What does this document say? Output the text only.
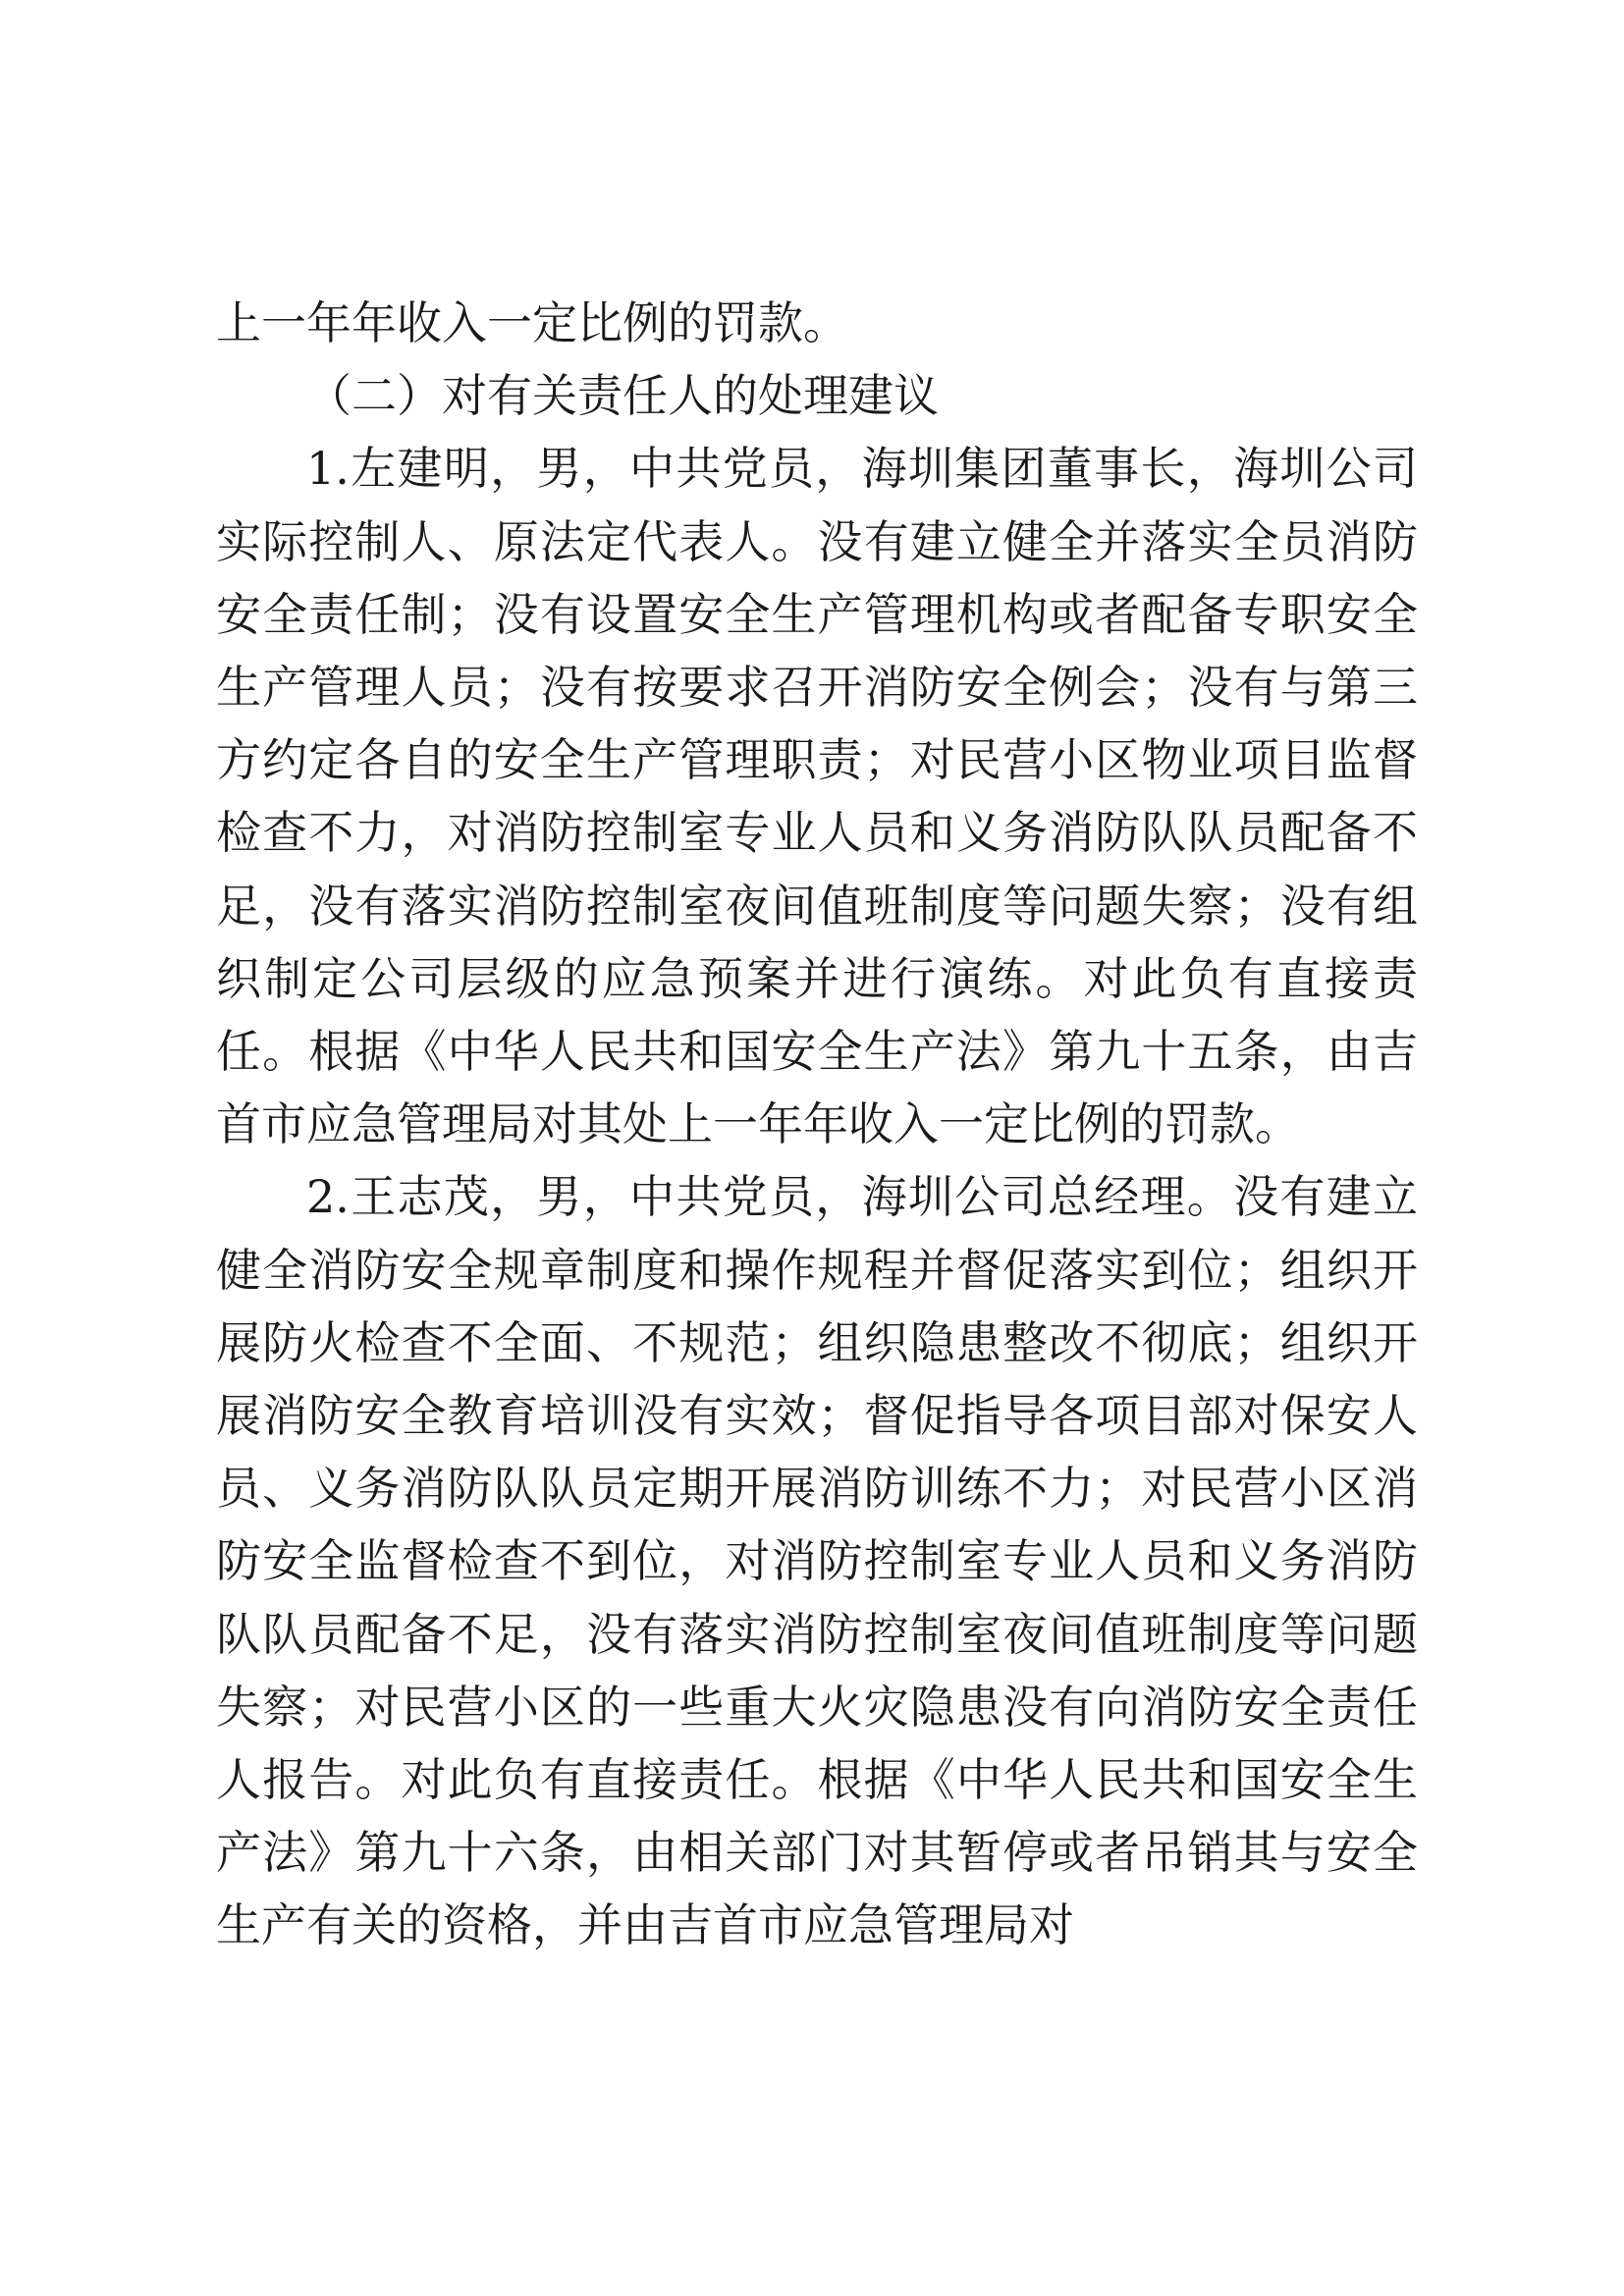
上一年年收入一定比例的罚款。

（二）对有关责任人的处理建议

1.左建明，男，中共党员，海圳集团董事长，海圳公司实际控制人、原法定代表人。没有建立健全并落实全员消防安全责任制；没有设置安全生产管理机构或者配备专职安全生产管理人员；没有按要求召开消防安全例会；没有与第三方约定各自的安全生产管理职责；对民营小区物业项目监督检查不力，对消防控制室专业人员和义务消防队队员配备不足，没有落实消防控制室夜间值班制度等问题失察；没有组织制定公司层级的应急预案并进行演练。对此负有直接责任。根据《中华人民共和国安全生产法》第九十五条，由吉首市应急管理局对其处上一年年收入一定比例的罚款。

2.王志茂，男，中共党员，海圳公司总经理。没有建立健全消防安全规章制度和操作规程并督促落实到位；组织开展防火检查不全面、不规范；组织隐患整改不彻底；组织开展消防安全教育培训没有实效；督促指导各项目部对保安人员、义务消防队队员定期开展消防训练不力；对民营小区消防安全监督检查不到位，对消防控制室专业人员和义务消防队队员配备不足，没有落实消防控制室夜间值班制度等问题失察；对民营小区的一些重大火灾隐患没有向消防安全责任人报告。对此负有直接责任。根据《中华人民共和国安全生产法》第九十六条，由相关部门对其暂停或者吊销其与安全生产有关的资格，并由吉首市应急管理局对
